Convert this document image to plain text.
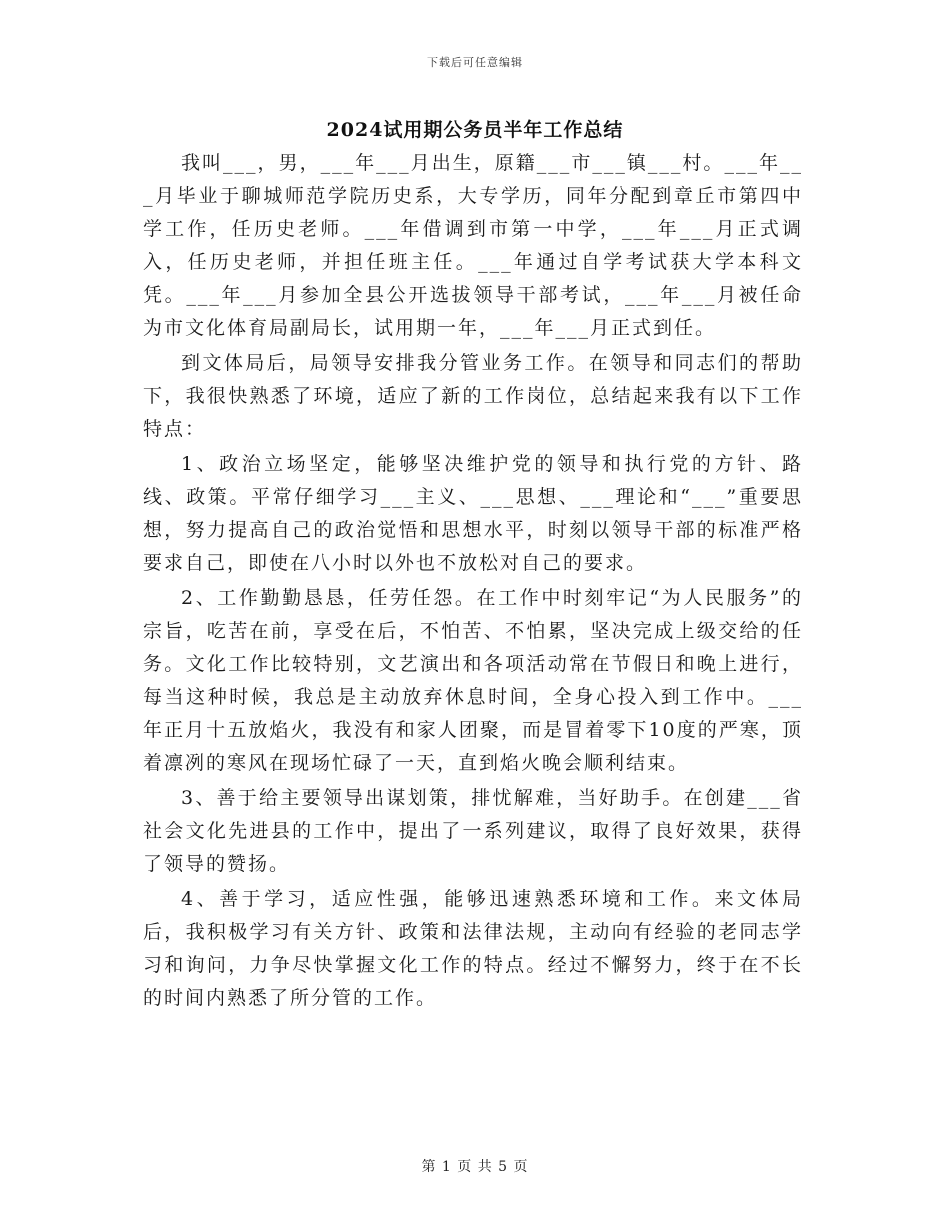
下载后可任意编辑
2024试用期公务员半年工作总结

我叫___，男，___年___月出生，原籍___市___镇___村。___年___月毕业于聊城师范学院历史系，大专学历，同年分配到章丘市第四中学工作，任历史老师。___年借调到市第一中学，___年___月正式调入，任历史老师，并担任班主任。___年通过自学考试获大学本科文凭。___年___月参加全县公开选拔领导干部考试，___年___月被任命为市文化体育局副局长，试用期一年，___年___月正式到任。

到文体局后，局领导安排我分管业务工作。在领导和同志们的帮助下，我很快熟悉了环境，适应了新的工作岗位，总结起来我有以下工作特点：

1、政治立场坚定，能够坚决维护党的领导和执行党的方针、路线、政策。平常仔细学习___主义、___思想、___理论和“___”重要思想，努力提高自己的政治觉悟和思想水平，时刻以领导干部的标准严格要求自己，即使在八小时以外也不放松对自己的要求。

2、工作勤勤恳恳，任劳任怨。在工作中时刻牢记“为人民服务”的宗旨，吃苦在前，享受在后，不怕苦、不怕累，坚决完成上级交给的任务。文化工作比较特别，文艺演出和各项活动常在节假日和晚上进行，每当这种时候，我总是主动放弃休息时间，全身心投入到工作中。___年正月十五放焰火，我没有和家人团聚，而是冒着零下10度的严寒，顶着凛冽的寒风在现场忙碌了一天，直到焰火晚会顺利结束。

3、善于给主要领导出谋划策，排忧解难，当好助手。在创建___省社会文化先进县的工作中，提出了一系列建议，取得了良好效果，获得了领导的赞扬。

4、善于学习，适应性强，能够迅速熟悉环境和工作。来文体局后，我积极学习有关方针、政策和法律法规，主动向有经验的老同志学习和询问，力争尽快掌握文化工作的特点。经过不懈努力，终于在不长的时间内熟悉了所分管的工作。

第 1 页 共 5 页
